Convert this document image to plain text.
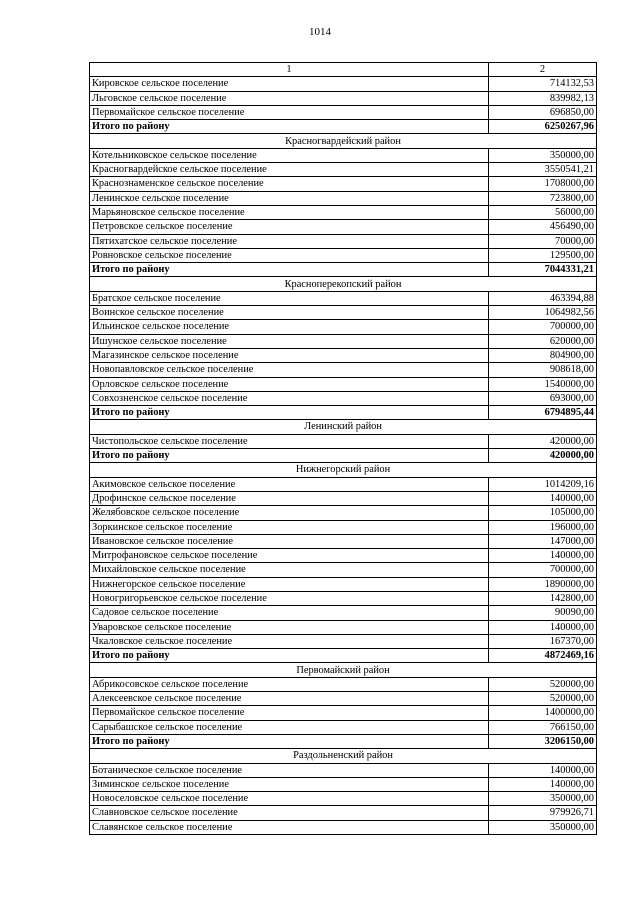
1014
1	2
Кировское сельское поселение	714132,53
Льговское сельское поселение	839982,13
Первомайское сельское поселение	696850,00
Итого по району	6250267,96
Красногвардейский район	
Котельниковское сельское поселение	350000,00
Красногвардейское сельское поселение	3550541,21
Краснознаменское сельское поселение	1708000,00
Ленинское сельское поселение	723800,00
Марьяновское сельское поселение	56000,00
Петровское сельское поселение	456490,00
Пятихатское сельское поселение	70000,00
Ровновское сельское поселение	129500,00
Итого по району	7044331,21
Красноперекопский район	
Братское сельское поселение	463394,88
Воинское сельское поселение	1064982,56
Ильинское сельское поселение	700000,00
Ишунское сельское поселение	620000,00
Магазинское сельское поселение	804900,00
Новопавловское сельское поселение	908618,00
Орловское сельское поселение	1540000,00
Совхозненское сельское поселение	693000,00
Итого по району	6794895,44
Ленинский район	
Чистопольское сельское поселение	420000,00
Итого по району	420000,00
Нижнегорский район	
Акимовское сельское поселение	1014209,16
Дрофинское сельское поселение	140000,00
Желябовское сельское поселение	105000,00
Зоркинское сельское поселение	196000,00
Ивановское сельское поселение	147000,00
Митрофановское сельское поселение	140000,00
Михайловское сельское поселение	700000,00
Нижнегорское сельское поселение	1890000,00
Новогригорьевское сельское поселение	142800,00
Садовое сельское поселение	90090,00
Уваровское сельское поселение	140000,00
Чкаловское сельское поселение	167370,00
Итого по району	4872469,16
Первомайский район	
Абрикосовское сельское поселение	520000,00
Алексеевское сельское поселение	520000,00
Первомайское сельское поселение	1400000,00
Сарыбашское сельское поселение	766150,00
Итого по району	3206150,00
Раздольненский район	
Ботаническое сельское поселение	140000,00
Зиминское сельское поселение	140000,00
Новоселовское сельское поселение	350000,00
Славновское сельское поселение	979926,71
Славянское сельское поселение	350000,00
